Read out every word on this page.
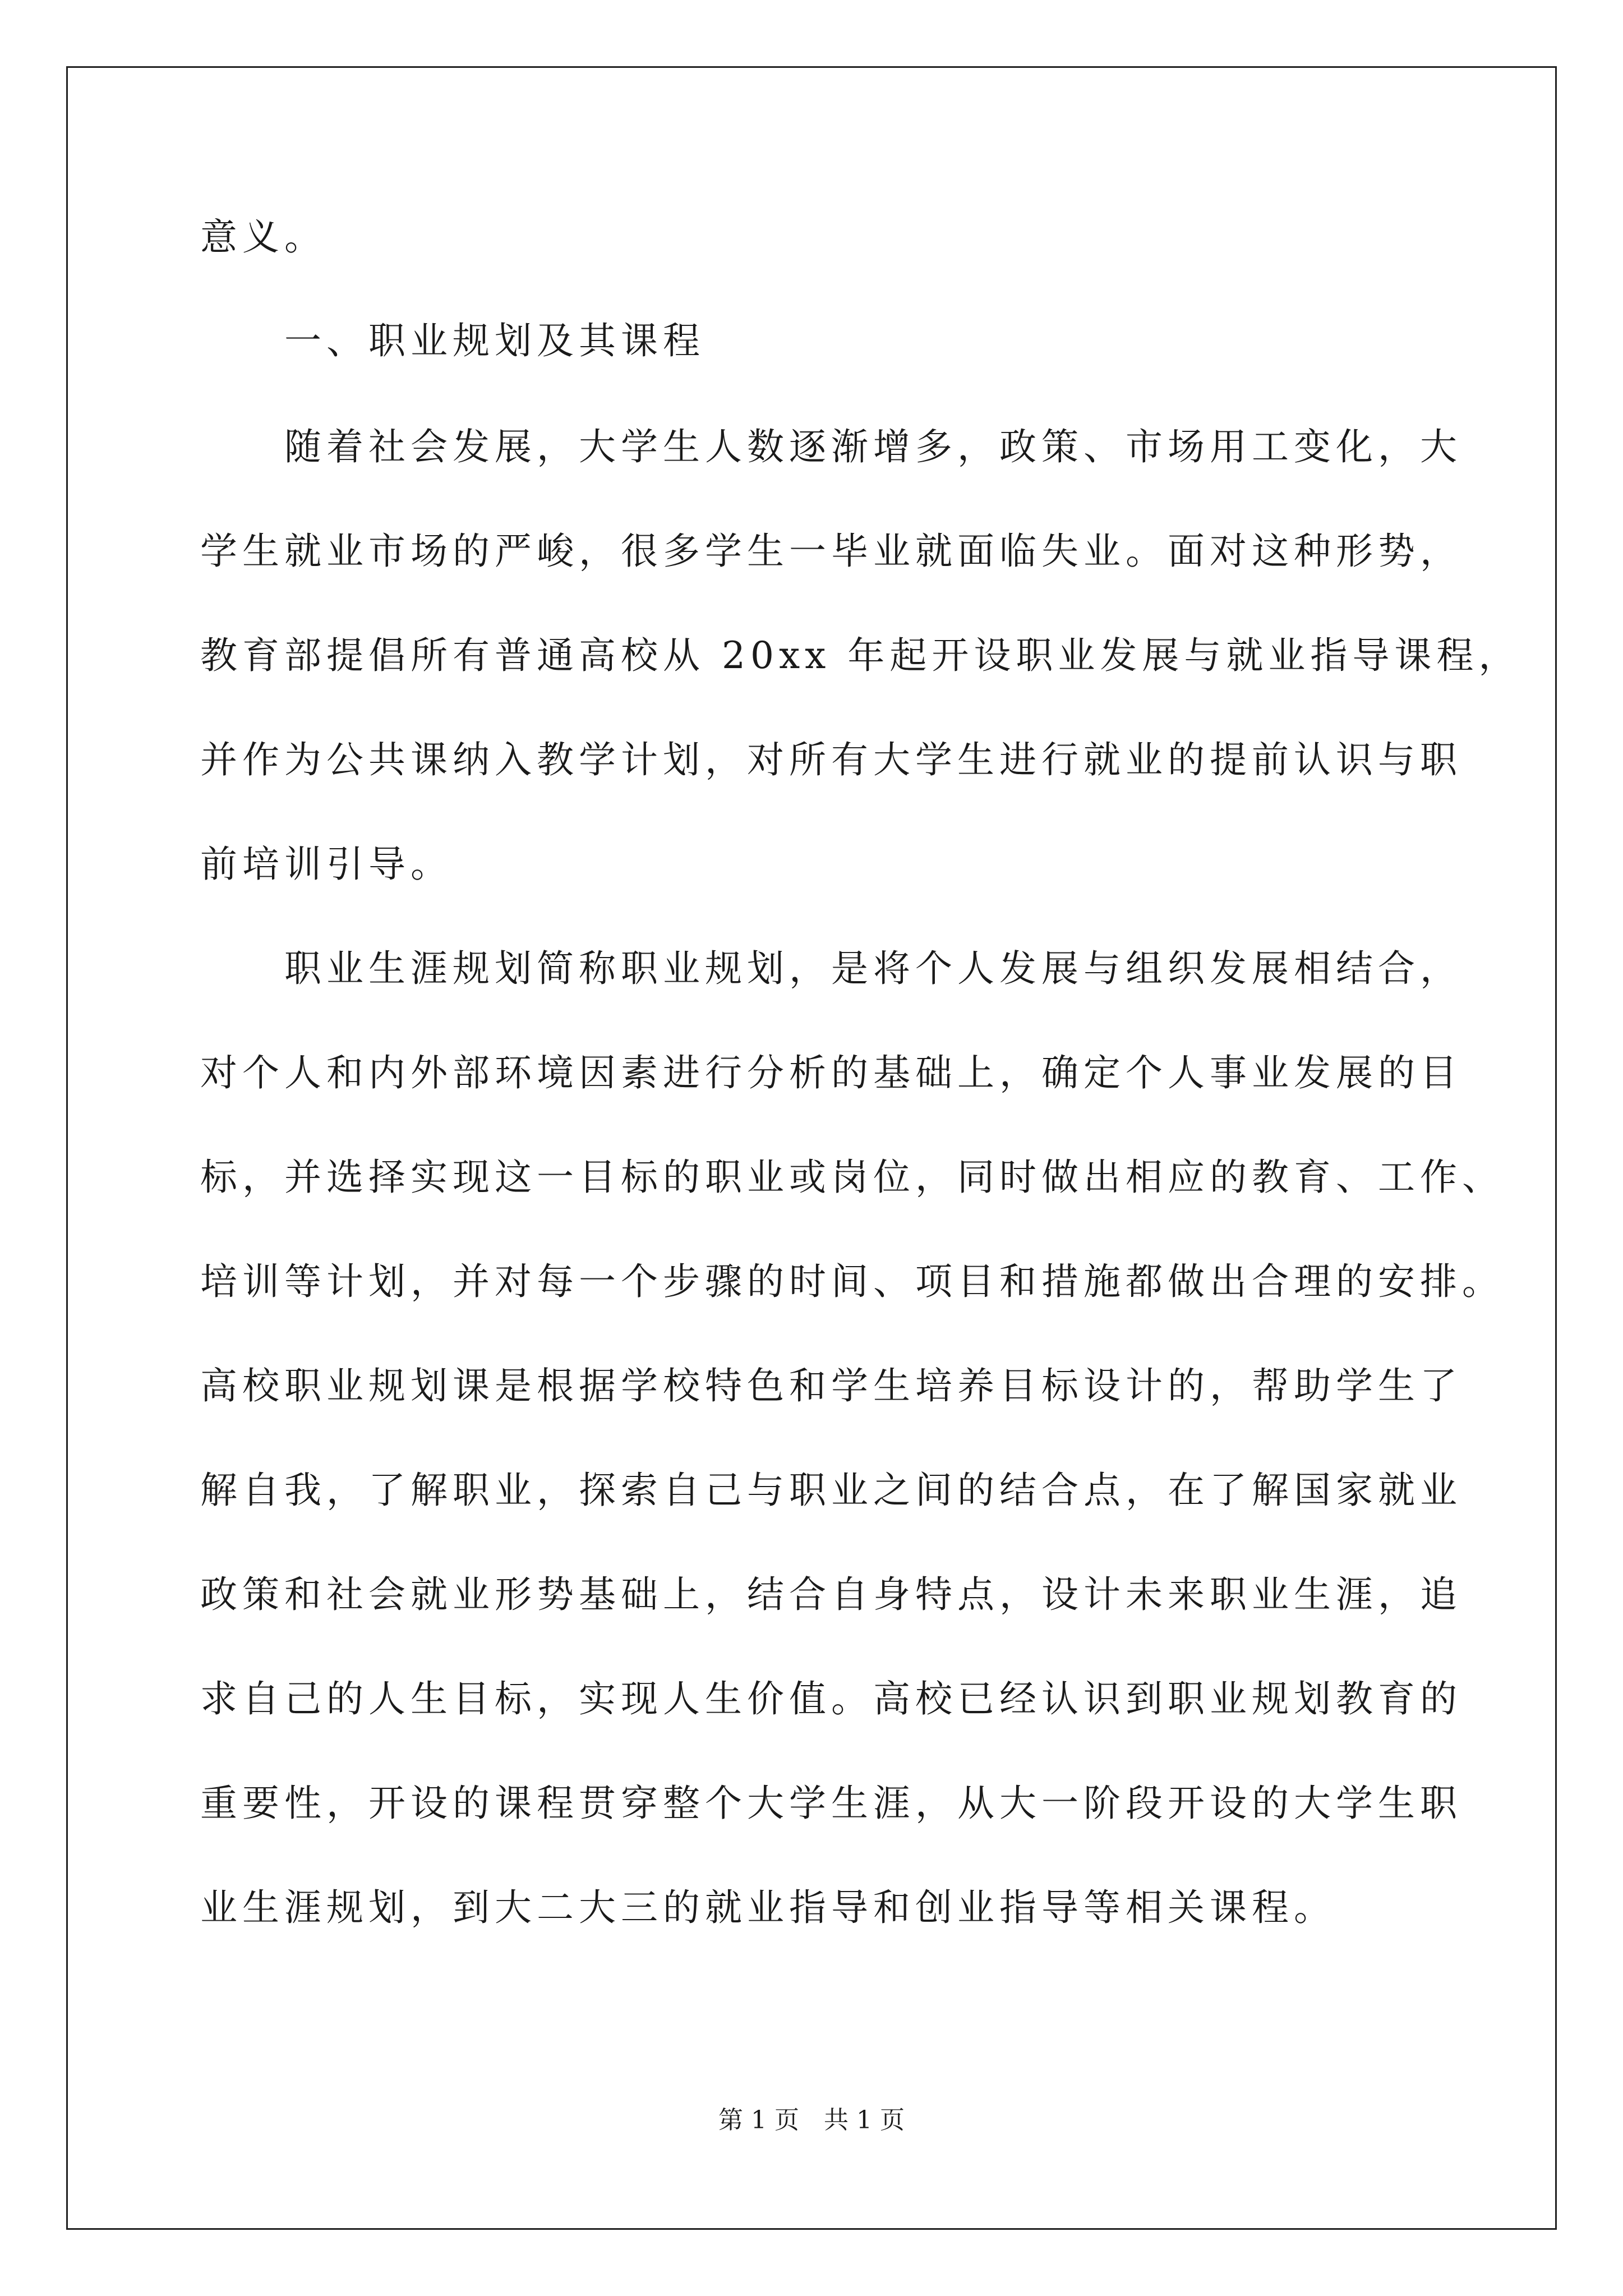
意义。
一、职业规划及其课程
随着社会发展，大学生人数逐渐增多，政策、市场用工变化，大
学生就业市场的严峻，很多学生一毕业就面临失业。面对这种形势，
教育部提倡所有普通高校从 20xx 年起开设职业发展与就业指导课程，
并作为公共课纳入教学计划，对所有大学生进行就业的提前认识与职
前培训引导。
职业生涯规划简称职业规划，是将个人发展与组织发展相结合，
对个人和内外部环境因素进行分析的基础上，确定个人事业发展的目
标，并选择实现这一目标的职业或岗位，同时做出相应的教育、工作、
培训等计划，并对每一个步骤的时间、项目和措施都做出合理的安排。
高校职业规划课是根据学校特色和学生培养目标设计的，帮助学生了
解自我，了解职业，探索自己与职业之间的结合点，在了解国家就业
政策和社会就业形势基础上，结合自身特点，设计未来职业生涯，追
求自己的人生目标，实现人生价值。高校已经认识到职业规划教育的
重要性，开设的课程贯穿整个大学生涯，从大一阶段开设的大学生职
业生涯规划，到大二大三的就业指导和创业指导等相关课程。
第 1 页　共 1 页
